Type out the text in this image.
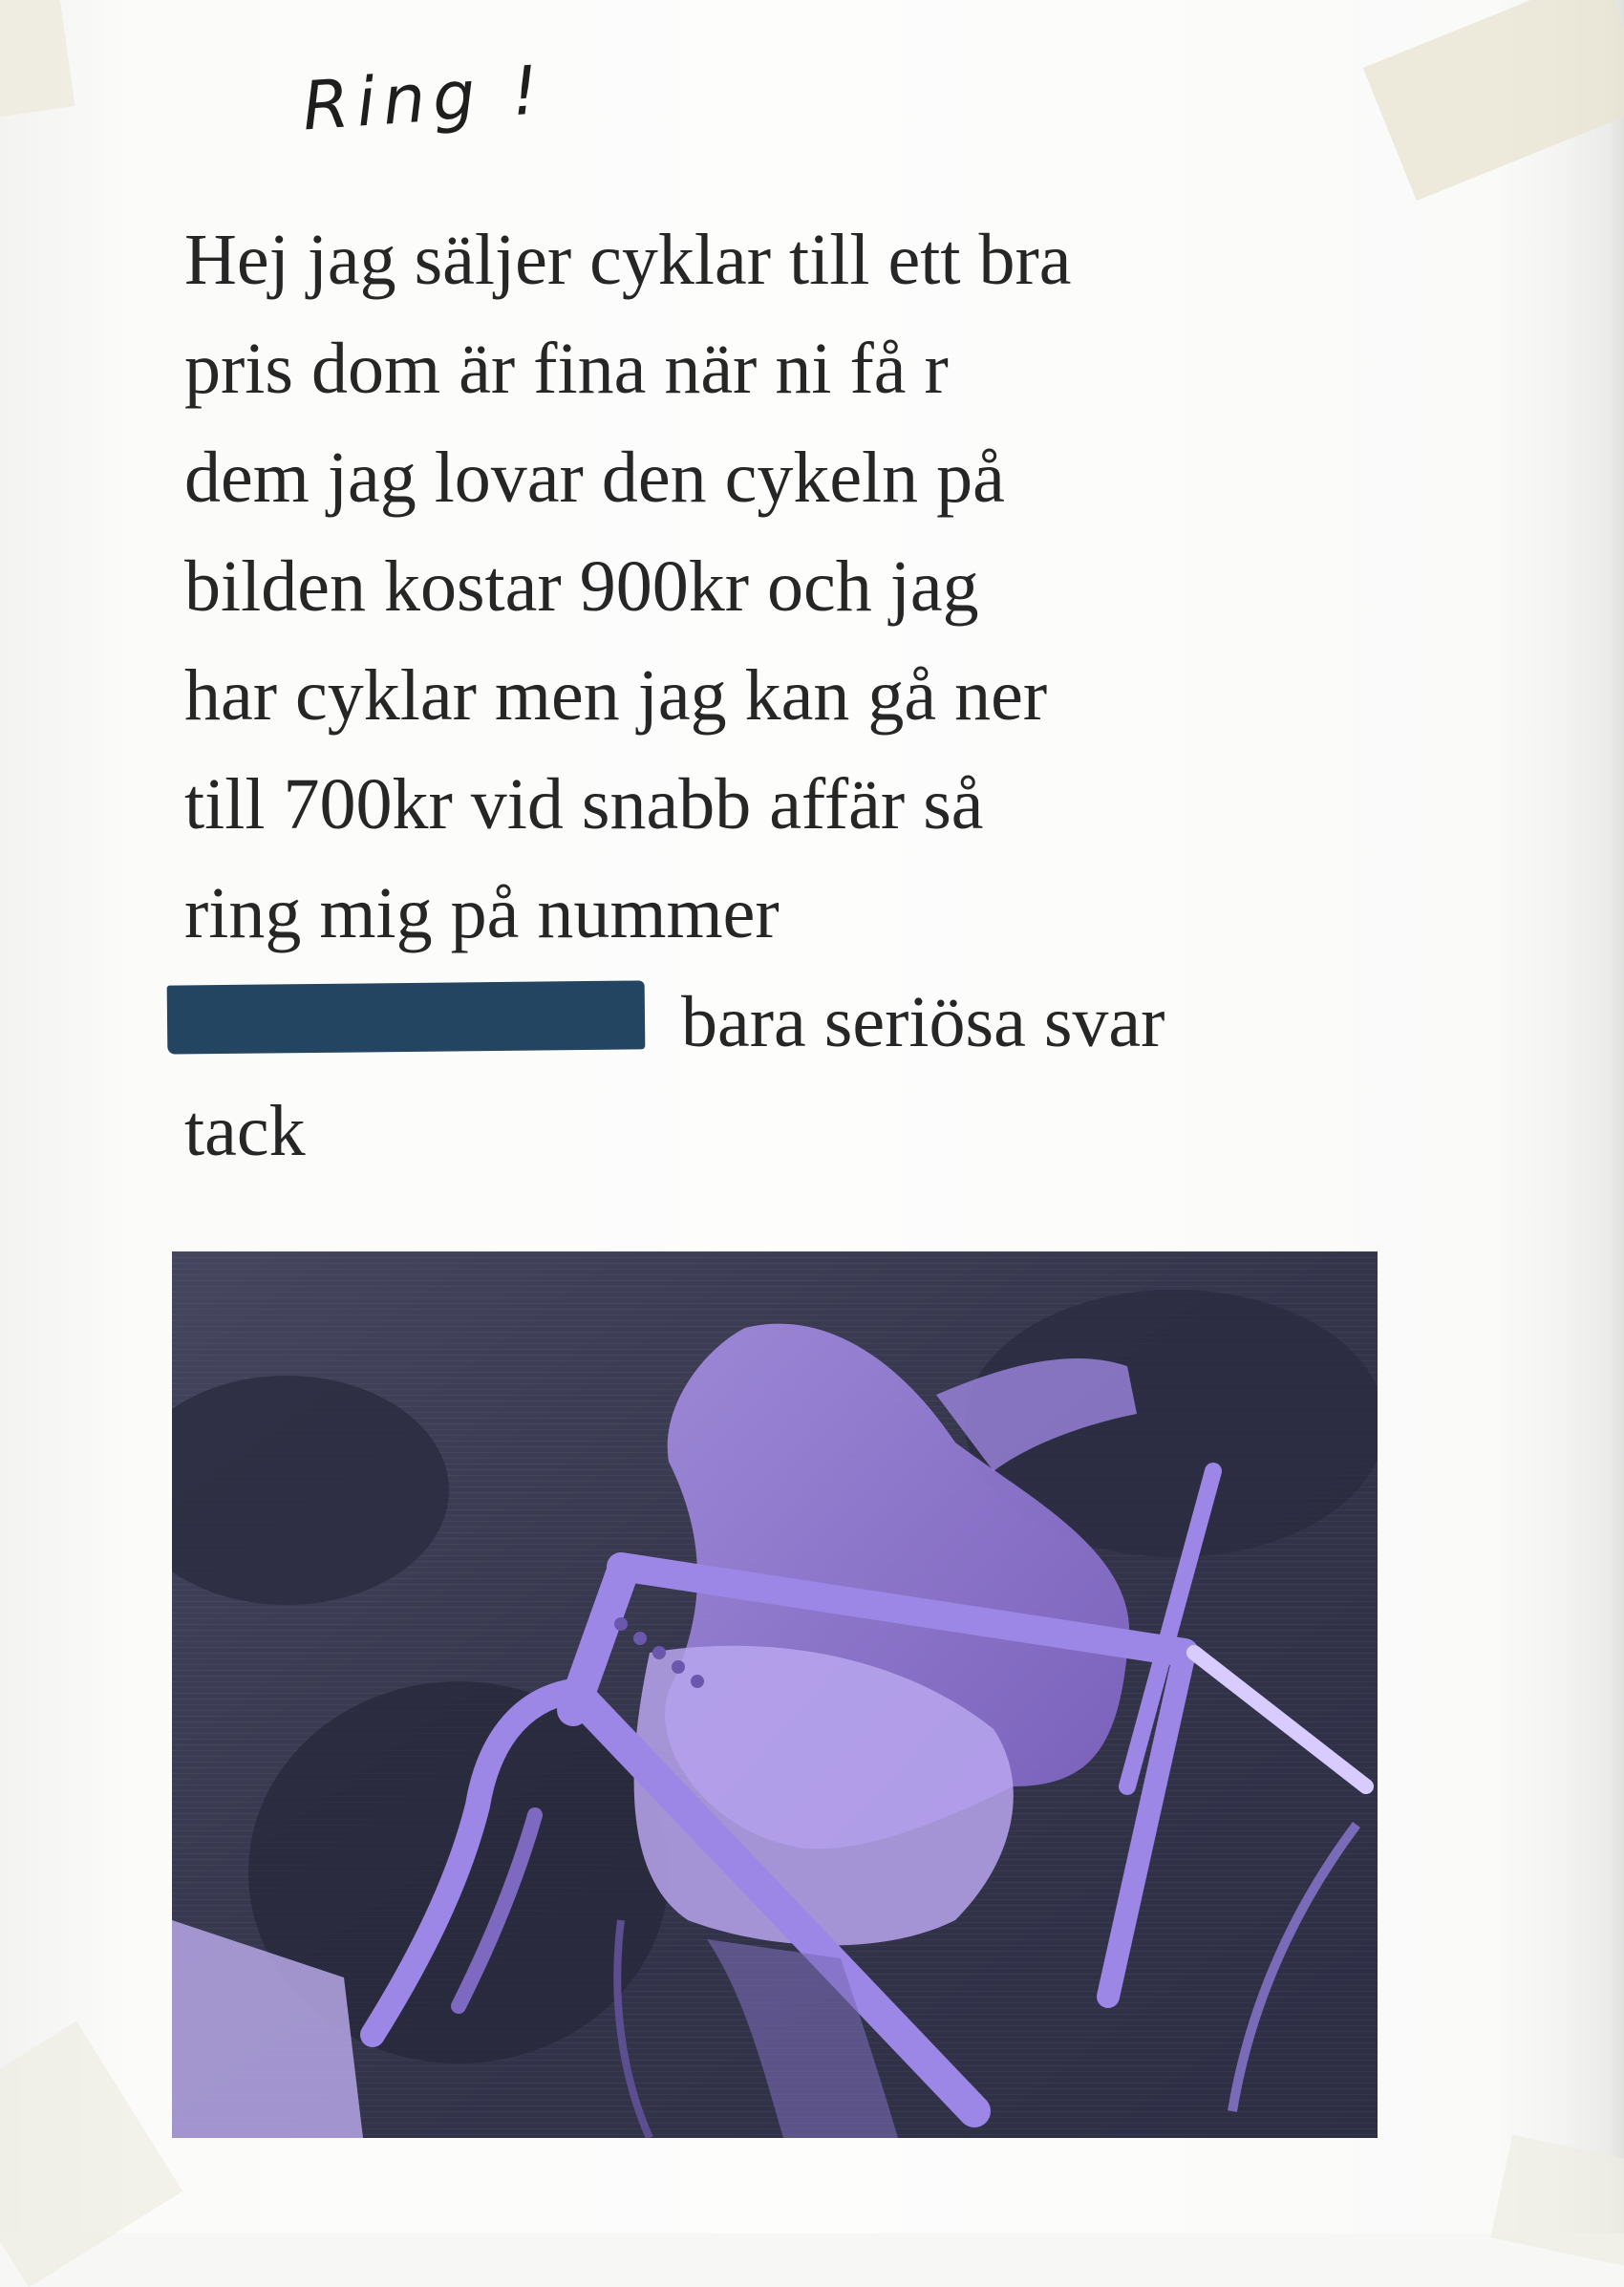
Ring !

Hej jag säljer cyklar till ett bra
pris dom är fina när ni få r
dem jag lovar den cykeln på
bilden kostar 900kr och jag
har cyklar men jag kan gå ner
till 700kr vid snabb affär så
ring mig på nummer
bara seriösa svar
tack
